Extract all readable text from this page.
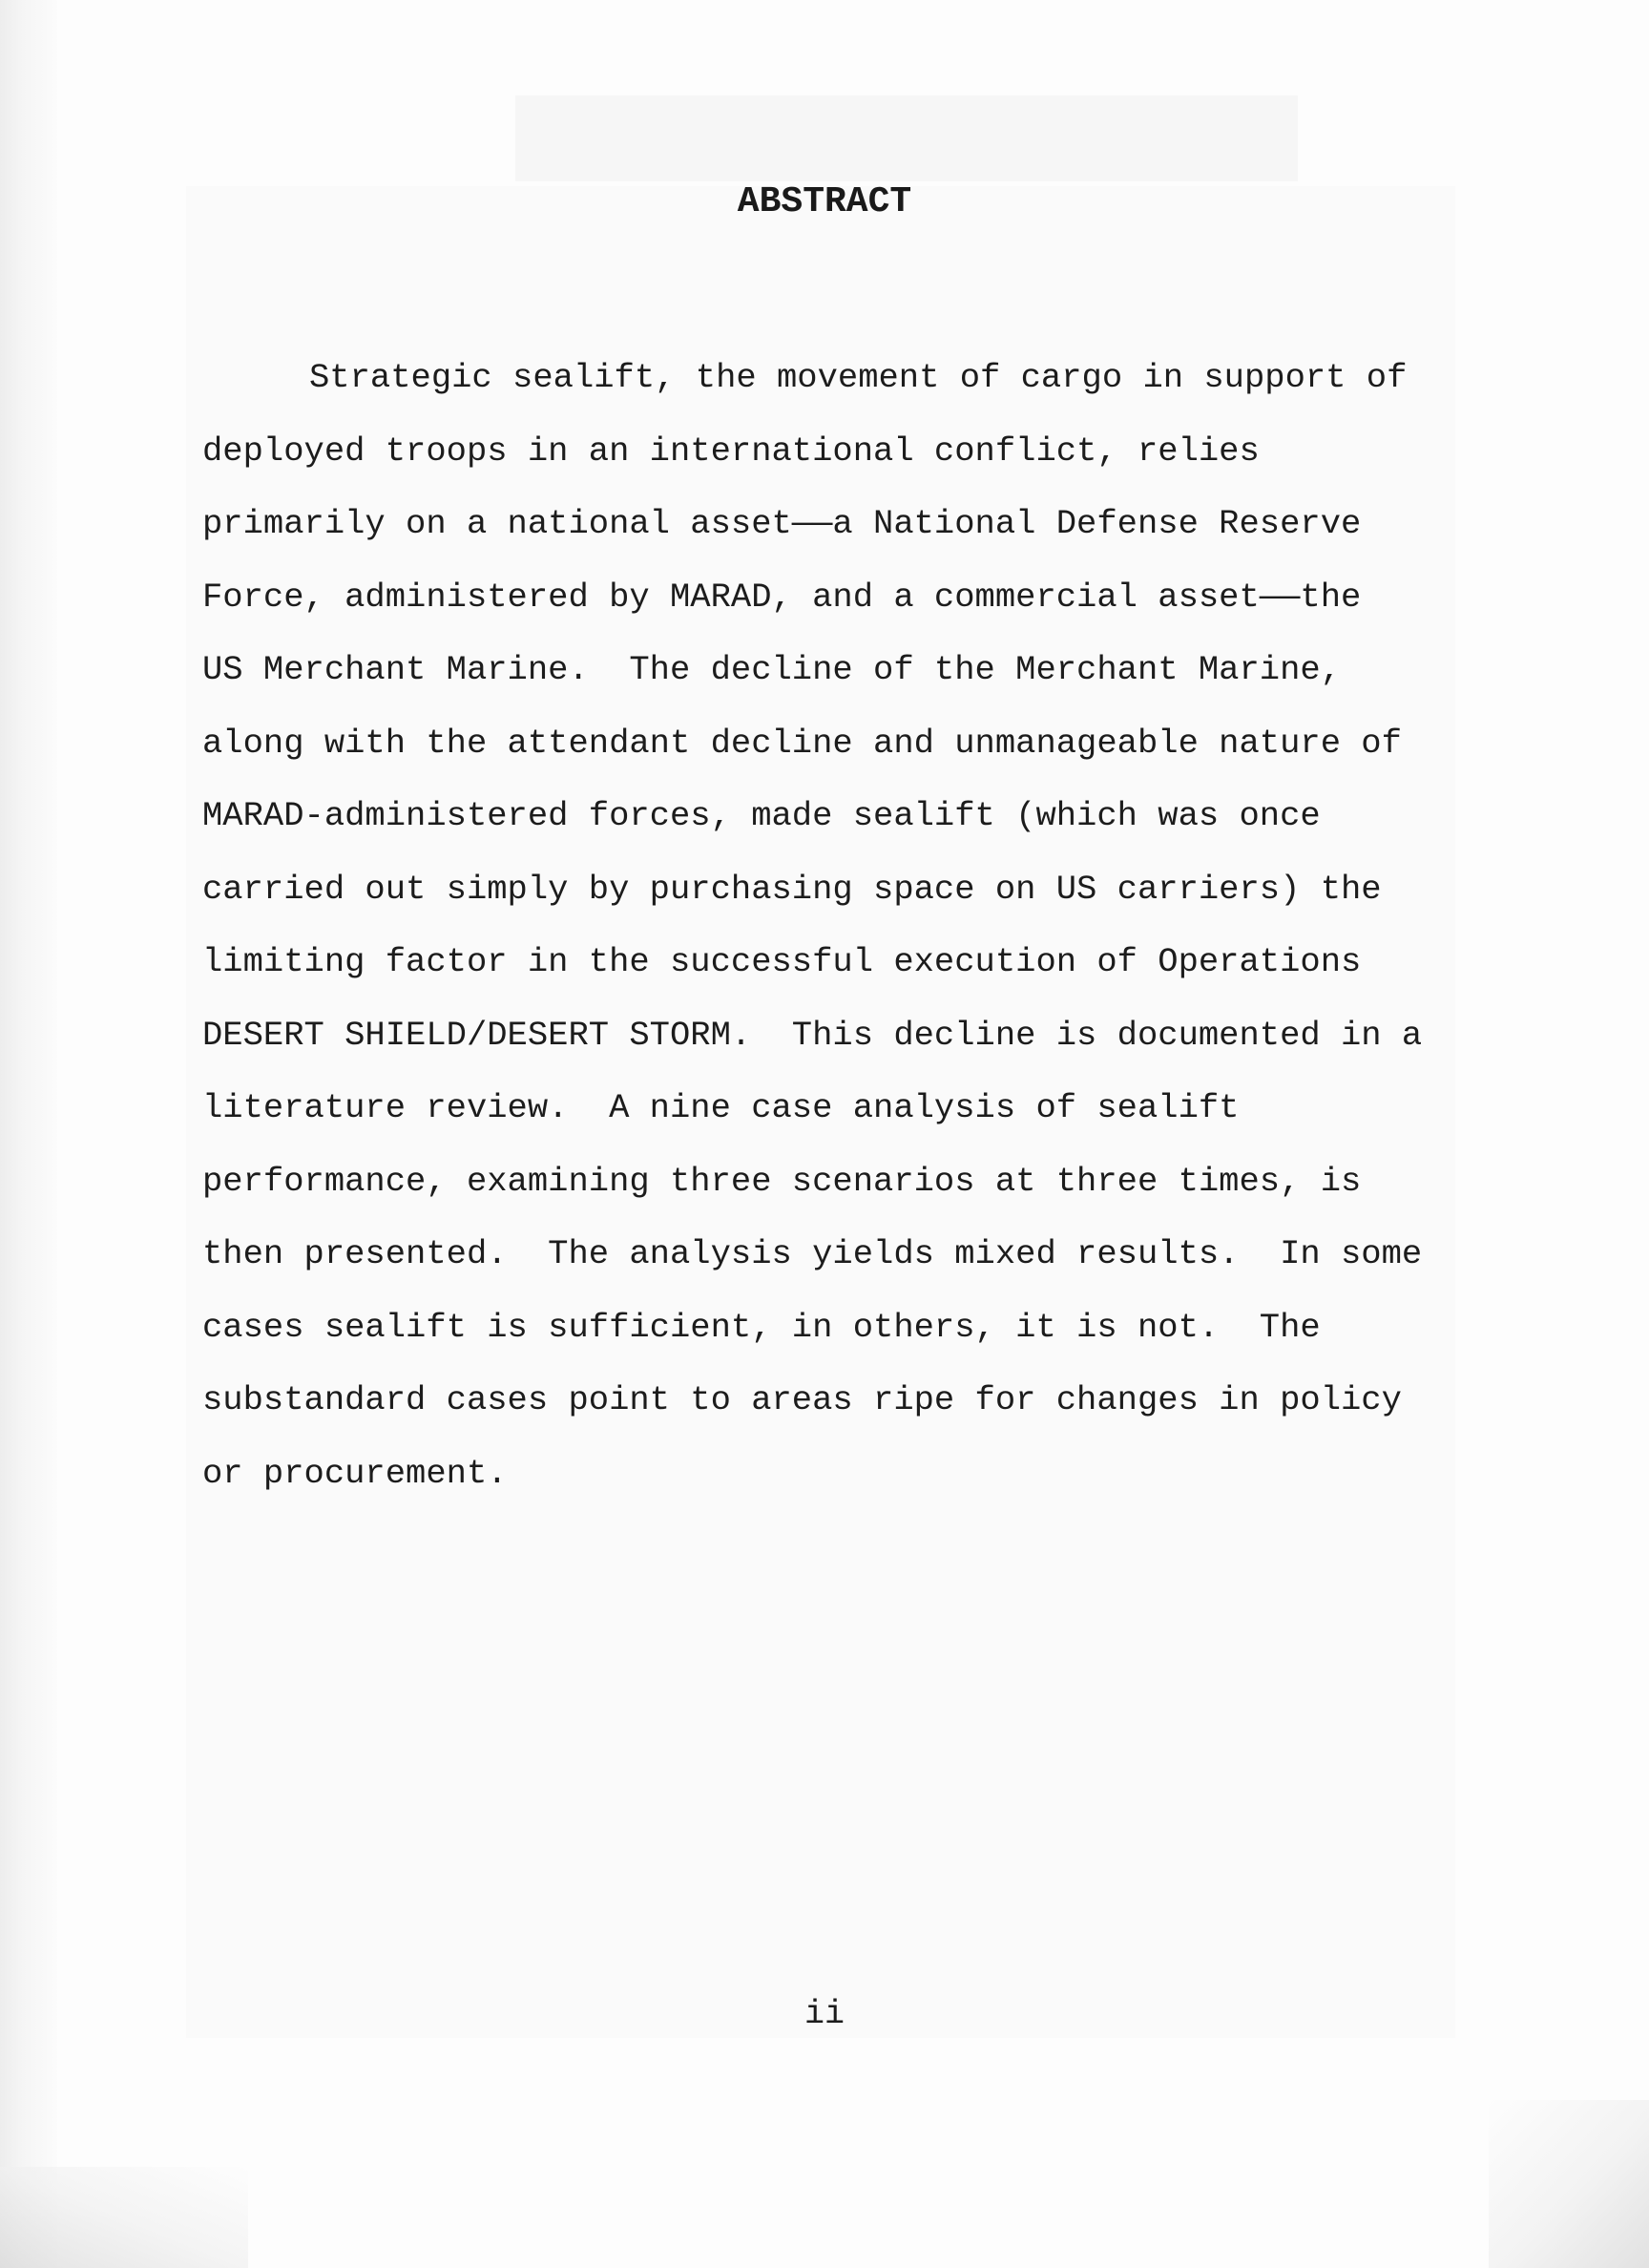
ABSTRACT

Strategic sealift, the movement of cargo in support of
deployed troops in an international conflict, relies
primarily on a national asset——a National Defense Reserve
Force, administered by MARAD, and a commercial asset——the
US Merchant Marine.  The decline of the Merchant Marine,
along with the attendant decline and unmanageable nature of
MARAD-administered forces, made sealift (which was once
carried out simply by purchasing space on US carriers) the
limiting factor in the successful execution of Operations
DESERT SHIELD/DESERT STORM.  This decline is documented in a
literature review.  A nine case analysis of sealift
performance, examining three scenarios at three times, is
then presented.  The analysis yields mixed results.  In some
cases sealift is sufficient, in others, it is not.  The
substandard cases point to areas ripe for changes in policy
or procurement.

ii
